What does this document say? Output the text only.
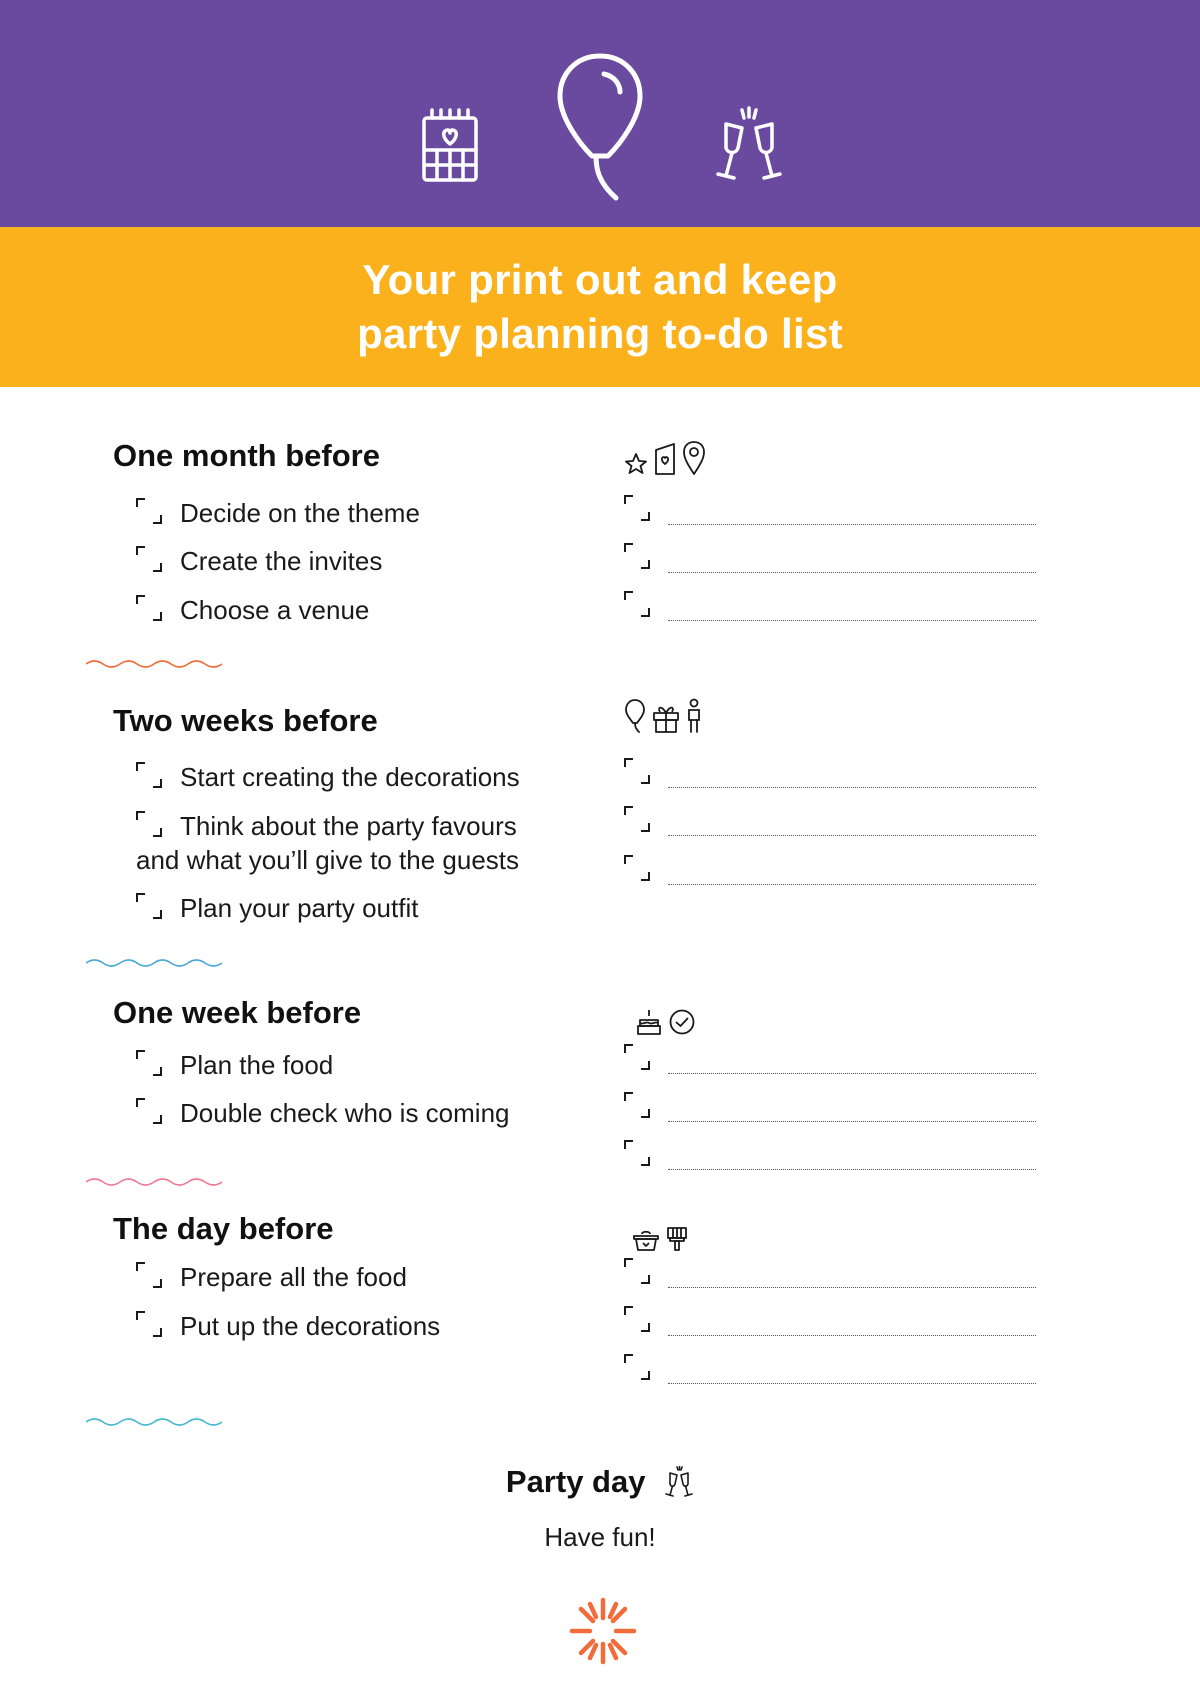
Your print out and keep
party planning to-do list
One month before
Decide on the theme
Create the invites
Choose a venue
Two weeks before
Start creating the decorations
Think about the party favours
and what you’ll give to the guests
Plan your party outfit
One week before
Plan the food
Double check who is coming
The day before
Prepare all the food
Put up the decorations
Party day
Have fun!
